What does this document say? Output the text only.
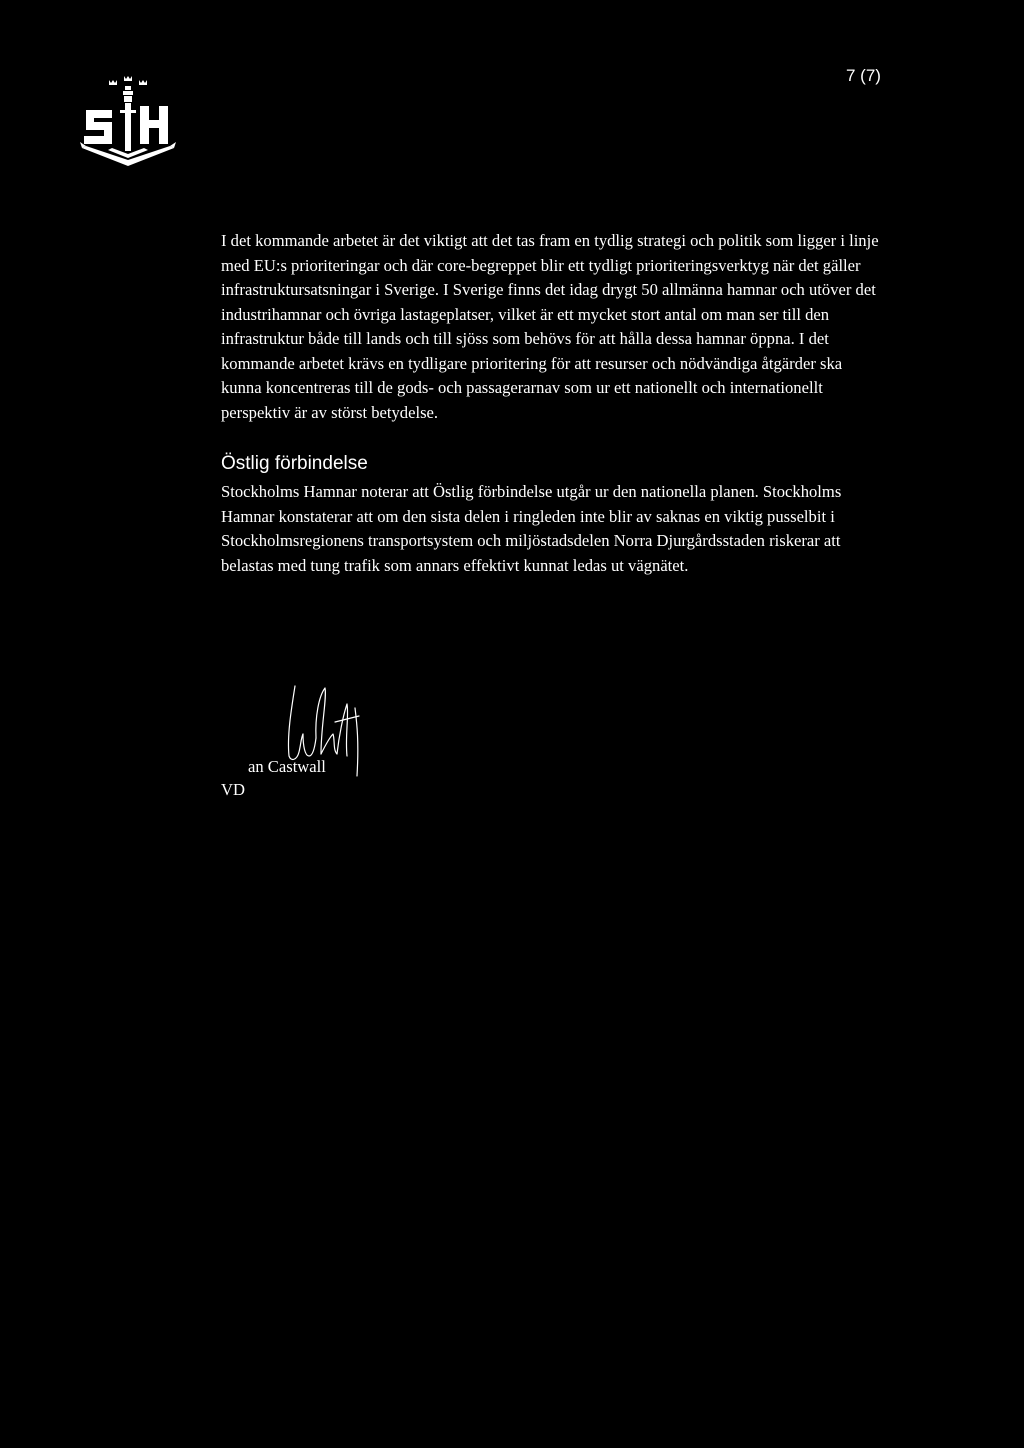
7 (7)

I det kommande arbetet är det viktigt att det tas fram en tydlig strategi och politik som ligger i linje med EU:s prioriteringar och där core-begreppet blir ett tydligt prioriteringsverktyg när det gäller infrastruktursatsningar i Sverige. I Sverige finns det idag drygt 50 allmänna hamnar och utöver det industrihamnar och övriga lastageplatser, vilket är ett mycket stort antal om man ser till den infrastruktur både till lands och till sjöss som behövs för att hålla dessa hamnar öppna. I det kommande arbetet krävs en tydligare prioritering för att resurser och nödvändiga åtgärder ska kunna koncentreras till de gods- och passagerarnav som ur ett nationellt och internationellt perspektiv är av störst betydelse.

Östlig förbindelse

Stockholms Hamnar noterar att Östlig förbindelse utgår ur den nationella planen. Stockholms Hamnar konstaterar att om den sista delen i ringleden inte blir av saknas en viktig pusselbit i Stockholmsregionens transportsystem och miljöstadsdelen Norra Djurgårdsstaden riskerar att belastas med tung trafik som annars effektivt kunnat ledas ut vägnätet.

an Castwall
VD
